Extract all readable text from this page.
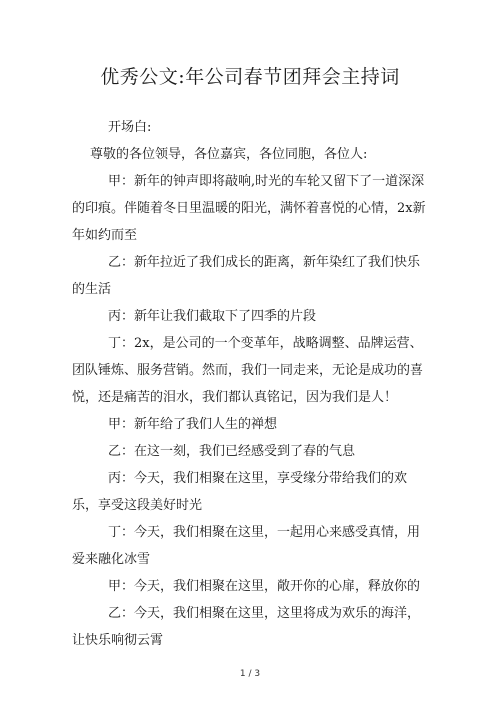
优秀公文:年公司春节团拜会主持词

开场白:

尊敬的各位领导，各位嘉宾，各位同胞，各位人:

甲：新年的钟声即将敲响,时光的车轮又留下了一道深深的印痕。伴随着冬日里温暖的阳光，满怀着喜悦的心情，2x新年如约而至

乙：新年拉近了我们成长的距离，新年染红了我们快乐的生活

丙：新年让我们截取下了四季的片段

丁：2x，是公司的一个变革年，战略调整、品牌运营、团队锤炼、服务营销。然而，我们一同走来，无论是成功的喜悦，还是痛苦的泪水，我们都认真铭记，因为我们是人！

甲：新年给了我们人生的禅想

乙：在这一刻，我们已经感受到了春的气息

丙：今天，我们相聚在这里，享受缘分带给我们的欢乐，享受这段美好时光

丁：今天，我们相聚在这里，一起用心来感受真情，用爱来融化冰雪

甲：今天，我们相聚在这里，敞开你的心扉，释放你的

乙：今天，我们相聚在这里，这里将成为欢乐的海洋，让快乐响彻云霄

1 / 3
